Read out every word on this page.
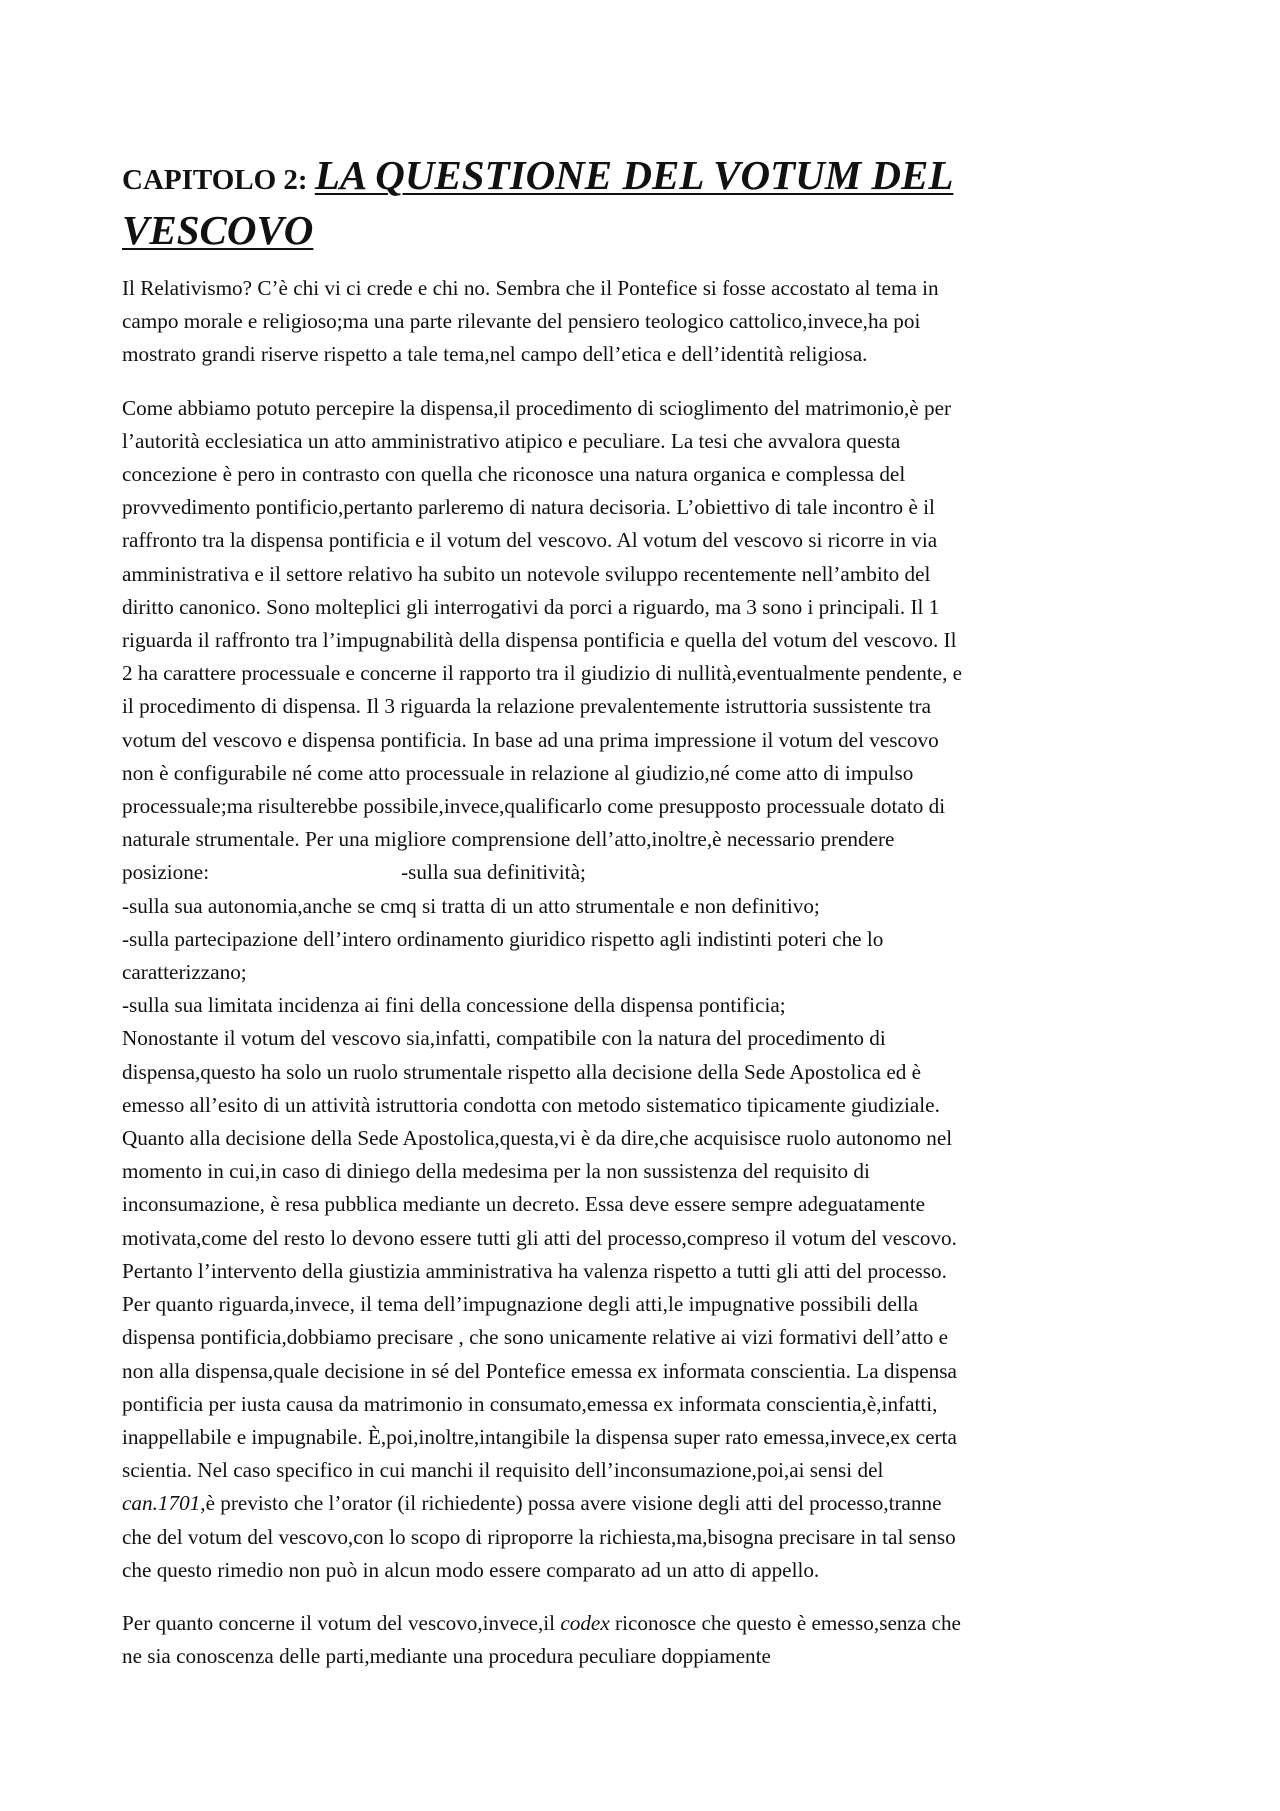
CAPITOLO 2: LA QUESTIONE DEL VOTUM DEL
VESCOVO

Il Relativismo? C’è chi vi ci crede e chi no. Sembra che il Pontefice si fosse accostato al tema in
campo morale e religioso;ma una parte rilevante del pensiero teologico cattolico,invece,ha poi
mostrato grandi riserve rispetto a tale tema,nel campo dell’etica e dell’identità religiosa.

Come abbiamo potuto percepire la dispensa,il procedimento di scioglimento del matrimonio,è per
l’autorità ecclesiatica un atto amministrativo atipico e peculiare. La tesi che avvalora questa
concezione è pero in contrasto con quella che riconosce una natura organica e complessa del
provvedimento pontificio,pertanto parleremo di natura decisoria. L’obiettivo di tale incontro è il
raffronto tra la dispensa pontificia e il votum del vescovo. Al votum del vescovo si ricorre in via
amministrativa e il settore relativo ha subito un notevole sviluppo recentemente nell’ambito del
diritto canonico. Sono molteplici gli interrogativi da porci a riguardo, ma 3 sono i principali. Il 1
riguarda il raffronto tra l’impugnabilità della dispensa pontificia e quella del votum del vescovo. Il
2 ha carattere processuale e concerne il rapporto tra il giudizio di nullità,eventualmente pendente, e
il procedimento di dispensa. Il 3 riguarda la relazione prevalentemente istruttoria sussistente tra
votum del vescovo e dispensa pontificia. In base ad una prima impressione il votum del vescovo
non è configurabile né come atto processuale in relazione al giudizio,né come atto di impulso
processuale;ma risulterebbe possibile,invece,qualificarlo come presupposto processuale dotato di
naturale strumentale. Per una migliore comprensione dell’atto,inoltre,è necessario prendere
posizione:	-sulla sua definitività;
-sulla sua autonomia,anche se cmq si tratta di un atto strumentale e non definitivo;
-sulla partecipazione dell’intero ordinamento giuridico rispetto agli indistinti poteri che lo
caratterizzano;
-sulla sua limitata incidenza ai fini della concessione della dispensa pontificia;
Nonostante il votum del vescovo sia,infatti, compatibile con la natura del procedimento di
dispensa,questo ha solo un ruolo strumentale rispetto alla decisione della Sede Apostolica ed è
emesso all’esito di un attività istruttoria condotta con metodo sistematico tipicamente giudiziale.
Quanto alla decisione della Sede Apostolica,questa,vi è da dire,che acquisisce ruolo autonomo nel
momento in cui,in caso di diniego della medesima per la non sussistenza del requisito di
inconsumazione, è resa pubblica mediante un decreto. Essa deve essere sempre adeguatamente
motivata,come del resto lo devono essere tutti gli atti del processo,compreso il votum del vescovo.
Pertanto l’intervento della giustizia amministrativa ha valenza rispetto a tutti gli atti del processo.
Per quanto riguarda,invece, il tema dell’impugnazione degli atti,le impugnative possibili della
dispensa pontificia,dobbiamo precisare , che sono unicamente relative ai vizi formativi dell’atto e
non alla dispensa,quale decisione in sé del Pontefice emessa ex informata conscientia. La dispensa
pontificia per iusta causa da matrimonio in consumato,emessa ex informata conscientia,è,infatti,
inappellabile e impugnabile. È,poi,inoltre,intangibile la dispensa super rato emessa,invece,ex certa
scientia. Nel caso specifico in cui manchi il requisito dell’inconsumazione,poi,ai sensi del
can.1701,è previsto che l’orator (il richiedente) possa avere visione degli atti del processo,tranne
che del votum del vescovo,con lo scopo di riproporre la richiesta,ma,bisogna precisare in tal senso
che questo rimedio non può in alcun modo essere comparato ad un atto di appello.

Per quanto concerne il votum del vescovo,invece,il codex riconosce che questo è emesso,senza che
ne sia conoscenza delle parti,mediante una procedura peculiare doppiamente
